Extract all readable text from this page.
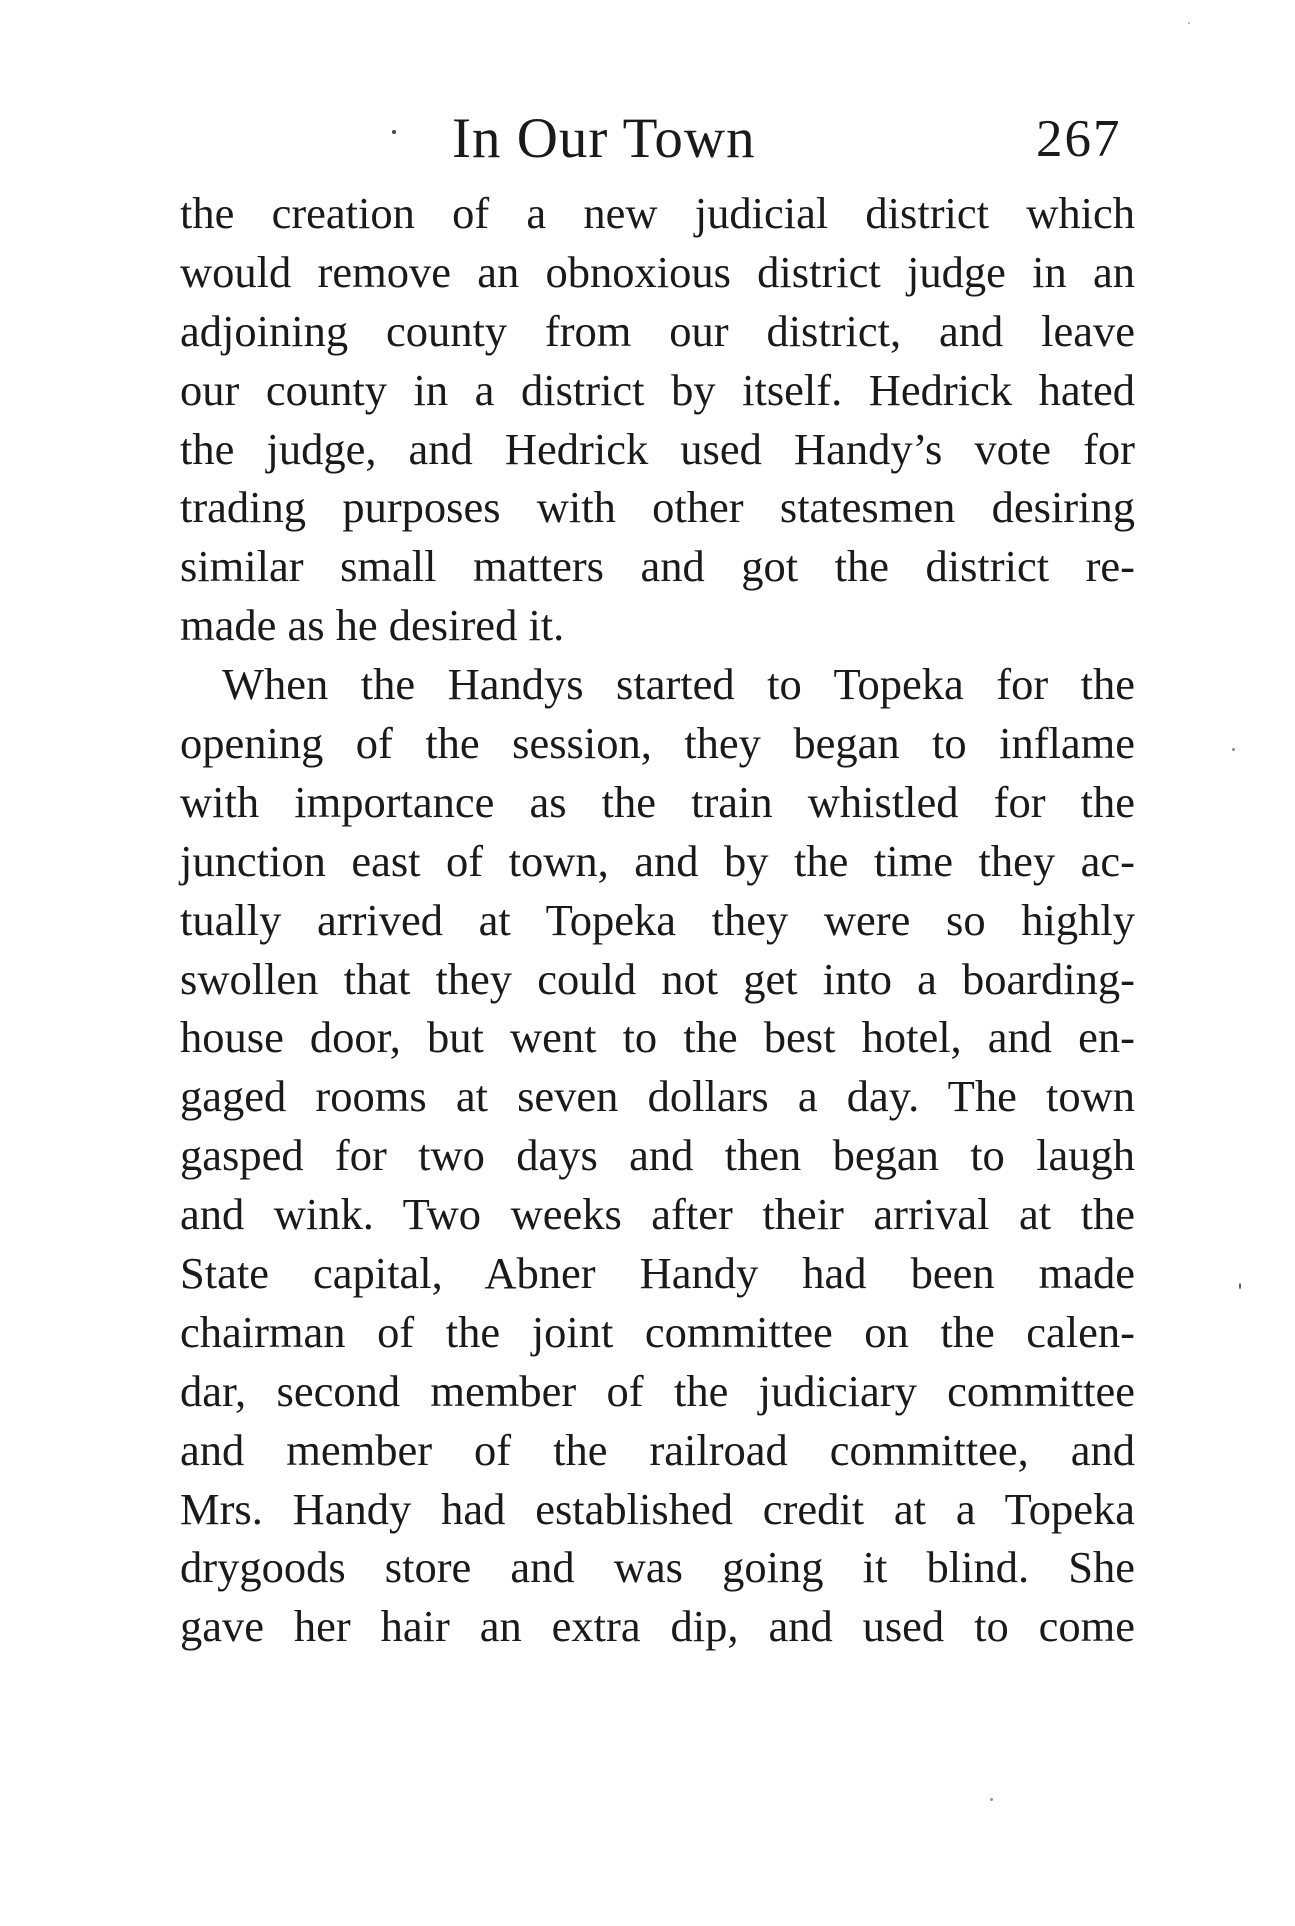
In Our Town	267
the creation of a new judicial district which
would remove an obnoxious district judge in an
adjoining county from our district, and leave
our county in a district by itself. Hedrick hated
the judge, and Hedrick used Handy’s vote for
trading purposes with other statesmen desiring
similar small matters and got the district re-
made as he desired it.
When the Handys started to Topeka for the
opening of the session, they began to inflame
with importance as the train whistled for the
junction east of town, and by the time they ac-
tually arrived at Topeka they were so highly
swollen that they could not get into a boarding-
house door, but went to the best hotel, and en-
gaged rooms at seven dollars a day. The town
gasped for two days and then began to laugh
and wink. Two weeks after their arrival at the
State capital, Abner Handy had been made
chairman of the joint committee on the calen-
dar, second member of the judiciary committee
and member of the railroad committee, and
Mrs. Handy had established credit at a Topeka
drygoods store and was going it blind. She
gave her hair an extra dip, and used to come
